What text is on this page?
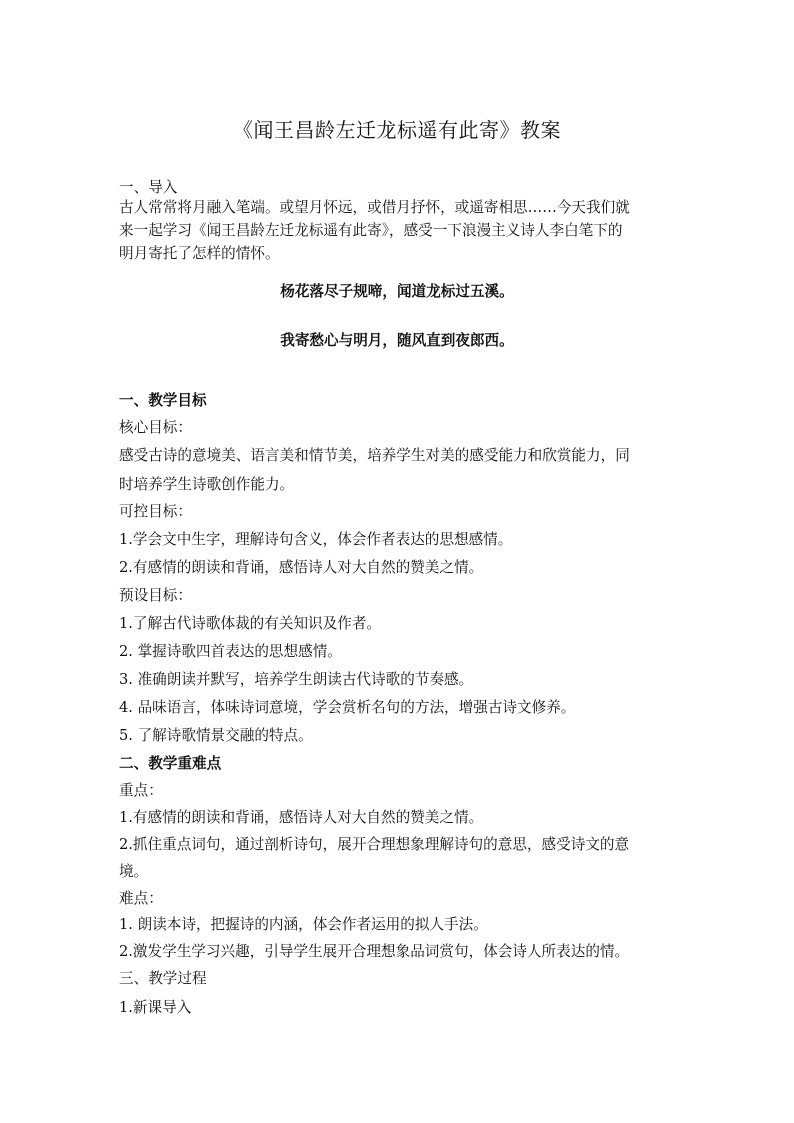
《闻王昌龄左迁龙标遥有此寄》教案
一、导入
古人常常将月融入笔端。或望月怀远，或借月抒怀，或遥寄相思……今天我们就
来一起学习《闻王昌龄左迁龙标遥有此寄》，感受一下浪漫主义诗人李白笔下的
明月寄托了怎样的情怀。
杨花落尽子规啼，闻道龙标过五溪。
我寄愁心与明月，随风直到夜郎西。
一、教学目标
核心目标：
感受古诗的意境美、语言美和情节美，培养学生对美的感受能力和欣赏能力，同
时培养学生诗歌创作能力。
可控目标：
1.学会文中生字，理解诗句含义，体会作者表达的思想感情。
2.有感情的朗读和背诵，感悟诗人对大自然的赞美之情。
预设目标：
1.了解古代诗歌体裁的有关知识及作者。
2. 掌握诗歌四首表达的思想感情。
3. 准确朗读并默写，培养学生朗读古代诗歌的节奏感。
4. 品味语言，体味诗词意境，学会赏析名句的方法，增强古诗文修养。
5. 了解诗歌情景交融的特点。
二、教学重难点
重点：
1.有感情的朗读和背诵，感悟诗人对大自然的赞美之情。
2.抓住重点词句，通过剖析诗句，展开合理想象理解诗句的意思，感受诗文的意
境。
难点：
1. 朗读本诗，把握诗的内涵，体会作者运用的拟人手法。
2.激发学生学习兴趣，引导学生展开合理想象品词赏句，体会诗人所表达的情。
三、教学过程
1.新课导入
